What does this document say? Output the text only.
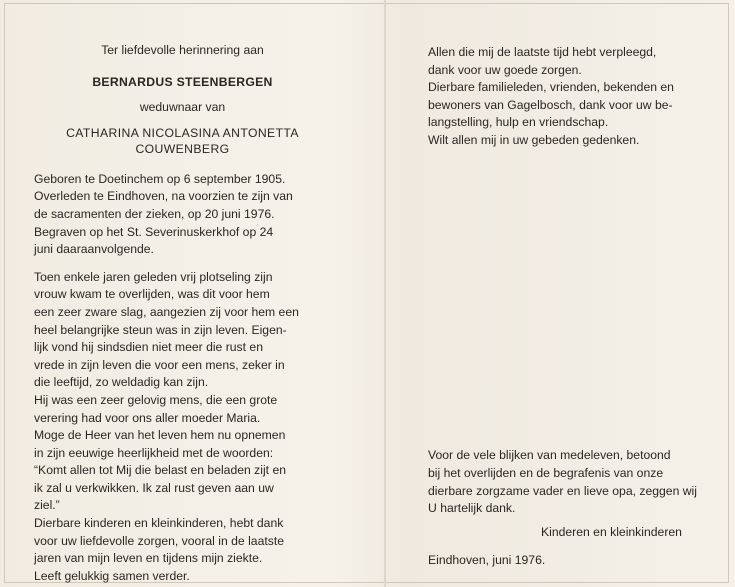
Ter liefdevolle herinnering aan

BERNARDUS STEENBERGEN

weduwnaar van

CATHARINA NICOLASINA ANTONETTA

COUWENBERG

Geboren te Doetinchem op 6 september 1905.

Overleden te Eindhoven, na voorzien te zijn van

de sacramenten der zieken, op 20 juni 1976.

Begraven op het St. Severinuskerkhof op 24

juni daaraanvolgende.

Toen enkele jaren geleden vrij plotseling zijn

vrouw kwam te overlijden, was dit voor hem

een zeer zware slag, aangezien zij voor hem een

heel belangrijke steun was in zijn leven. Eigen-

lijk vond hij sindsdien niet meer die rust en

vrede in zijn leven die voor een mens, zeker in

die leeftijd, zo weldadig kan zijn.

Hij was een zeer gelovig mens, die een grote

verering had voor ons aller moeder Maria.

Moge de Heer van het leven hem nu opnemen

in zijn eeuwige heerlijkheid met de woorden:

“Komt allen tot Mij die belast en beladen zijt en

ik zal u verkwikken. Ik zal rust geven aan uw

ziel.”

Dierbare kinderen en kleinkinderen, hebt dank

voor uw liefdevolle zorgen, vooral in de laatste

jaren van mijn leven en tijdens mijn ziekte.

Leeft gelukkig samen verder.

Allen die mij de laatste tijd hebt verpleegd,

dank voor uw goede zorgen.

Dierbare familieleden, vrienden, bekenden en

bewoners van Gagelbosch, dank voor uw be-

langstelling, hulp en vriendschap.

Wilt allen mij in uw gebeden gedenken.

Voor de vele blijken van medeleven, betoond

bij het overlijden en de begrafenis van onze

dierbare zorgzame vader en lieve opa, zeggen wij

U hartelijk dank.

Kinderen en kleinkinderen

Eindhoven, juni 1976.
